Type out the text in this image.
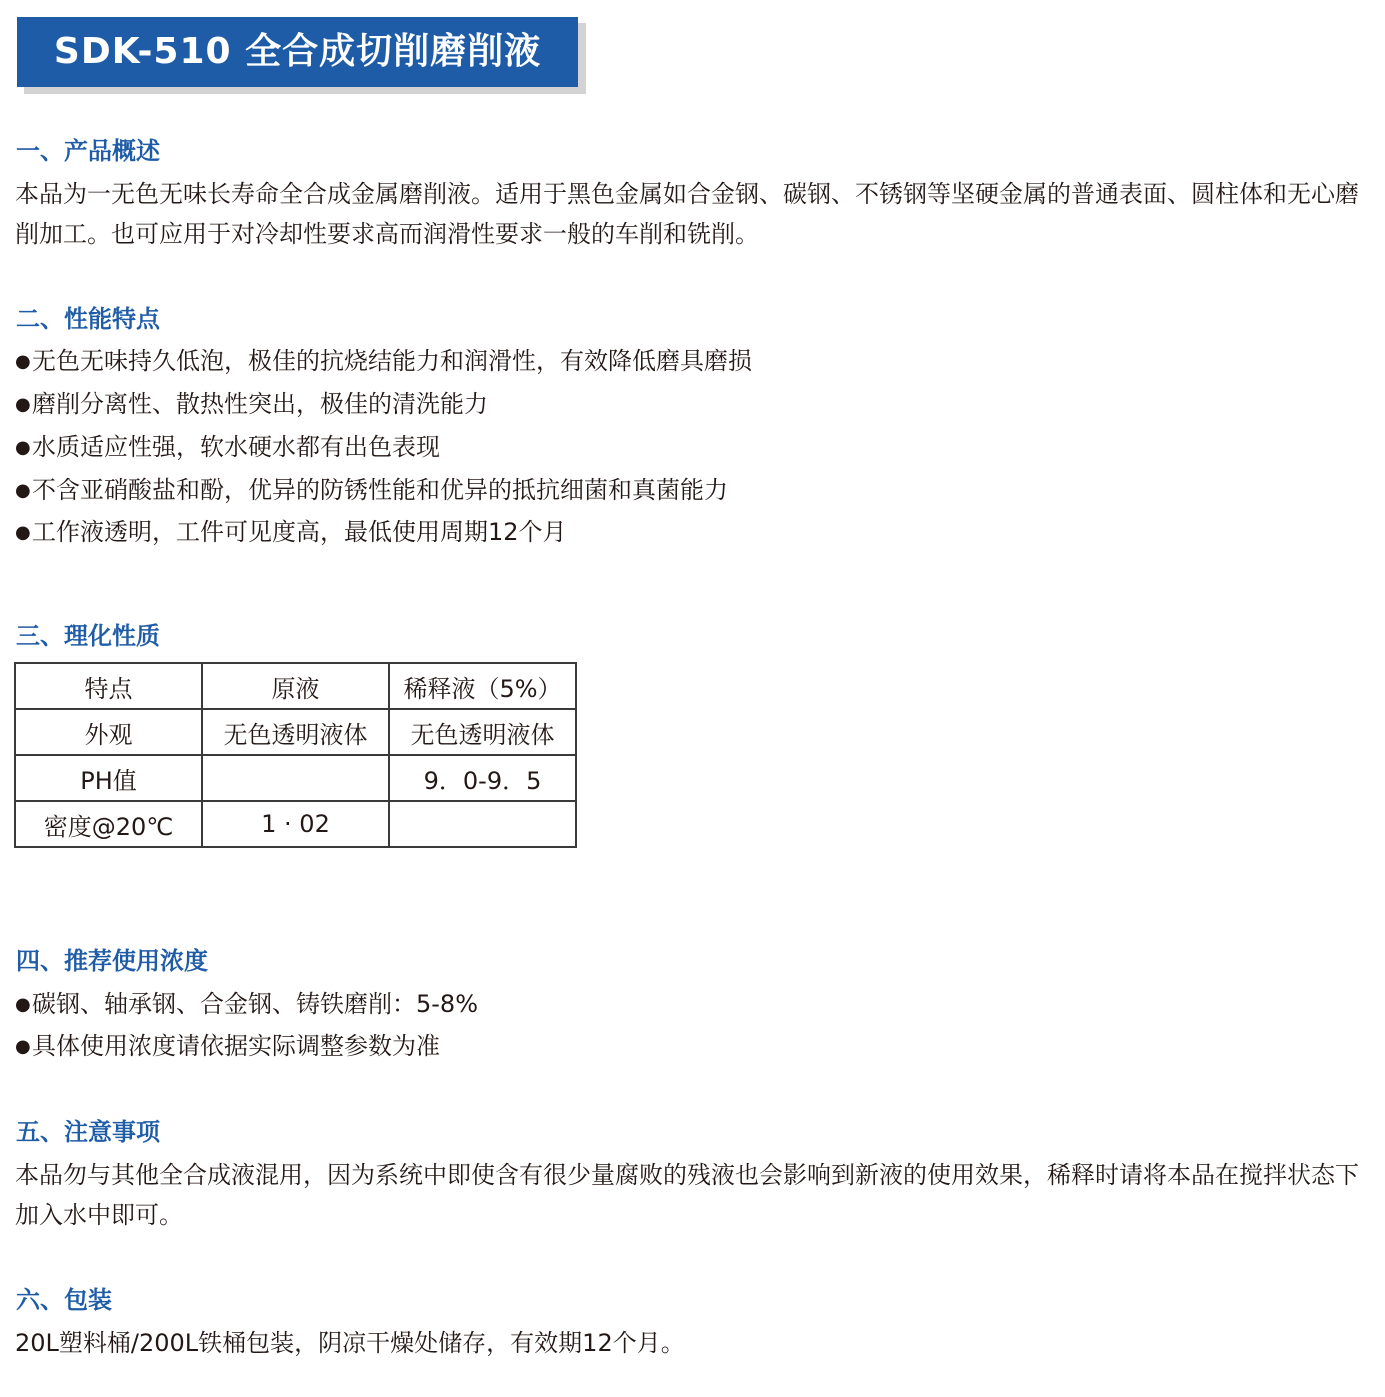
SDK-510 全合成切削磨削液
一、产品概述
本品为一无色无味长寿命全合成金属磨削液。适用于黑色金属如合金钢、碳钢、不锈钢等坚硬金属的普通表面、圆柱体和无心磨削加工。也可应用于对冷却性要求高而润滑性要求一般的车削和铣削。
二、性能特点
●无色无味持久低泡，极佳的抗烧结能力和润滑性，有效降低磨具磨损
●磨削分离性、散热性突出，极佳的清洗能力
●水质适应性强，软水硬水都有出色表现
●不含亚硝酸盐和酚，优异的防锈性能和优异的抵抗细菌和真菌能力
●工作液透明，工件可见度高，最低使用周期12个月
三、理化性质
特点	原液	稀释液（5%）
外观	无色透明液体	无色透明液体
PH值		9．0-9．5
密度@20℃	1 · 02	
四、推荐使用浓度
●碳钢、轴承钢、合金钢、铸铁磨削：5-8%
●具体使用浓度请依据实际调整参数为准
五、注意事项
本品勿与其他全合成液混用，因为系统中即使含有很少量腐败的残液也会影响到新液的使用效果，稀释时请将本品在搅拌状态下加入水中即可。
六、包装
20L塑料桶/200L铁桶包装，阴凉干燥处储存，有效期12个月。
